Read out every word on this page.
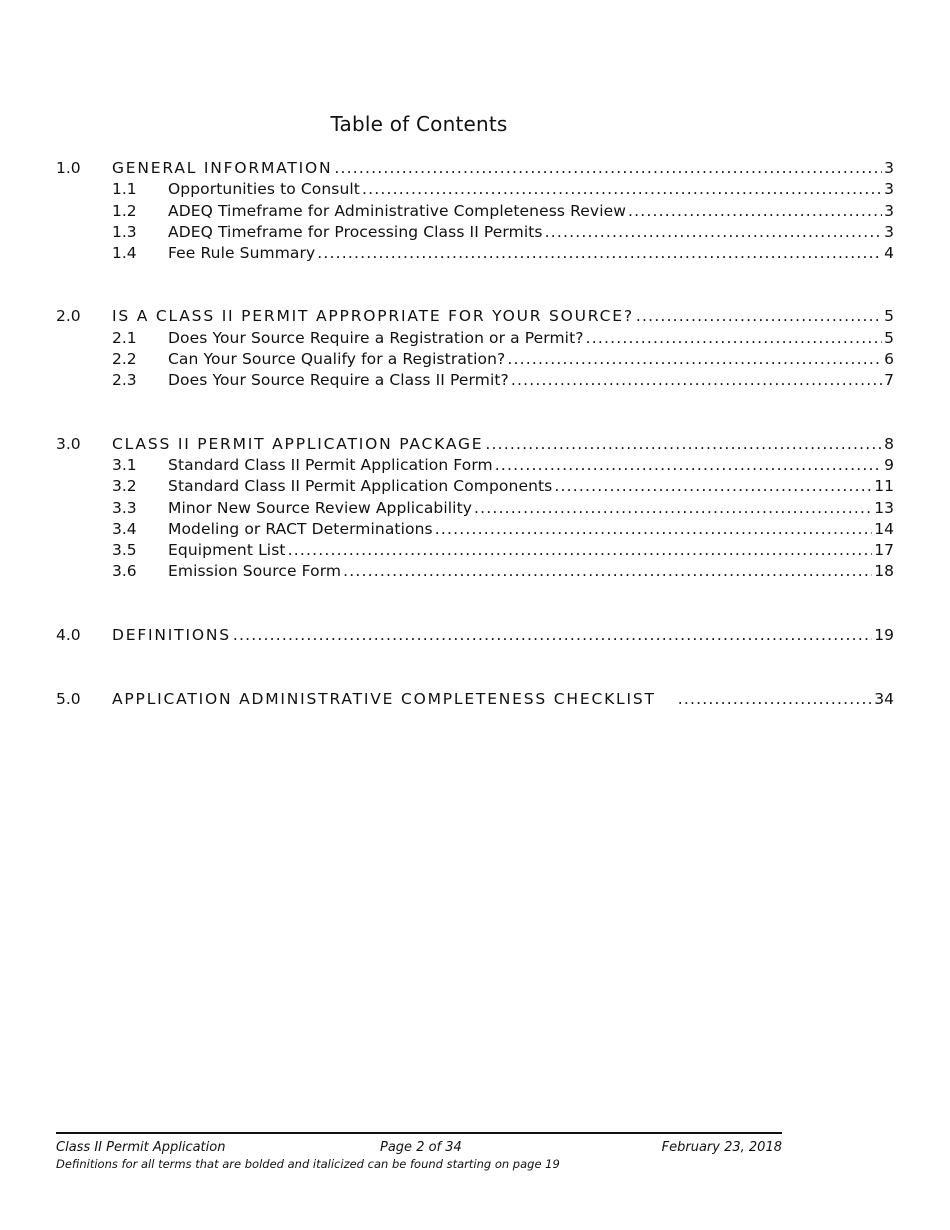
Table of Contents
1.0	GENERAL INFORMATION .....	3
1.1	Opportunities to Consult .....	3
1.2	ADEQ Timeframe for Administrative Completeness Review .....	3
1.3	ADEQ Timeframe for Processing Class II Permits .....	3
1.4	Fee Rule Summary .....	4
2.0	IS A CLASS II PERMIT APPROPRIATE FOR YOUR SOURCE? .....	5
2.1	Does Your Source Require a Registration or a Permit? .....	5
2.2	Can Your Source Qualify for a Registration? .....	6
2.3	Does Your Source Require a Class II Permit? .....	7
3.0	CLASS II PERMIT APPLICATION PACKAGE .....	8
3.1	Standard Class II Permit Application Form .....	9
3.2	Standard Class II Permit Application Components .....	11
3.3	Minor New Source Review Applicability .....	13
3.4	Modeling or RACT Determinations .....	14
3.5	Equipment List .....	17
3.6	Emission Source Form .....	18
4.0	DEFINITIONS .....	19
5.0	APPLICATION ADMINISTRATIVE COMPLETENESS CHECKLIST .....	34
Class II Permit Application	Page 2 of 34	February 23, 2018
Definitions for all terms that are bolded and italicized can be found starting on page 19
